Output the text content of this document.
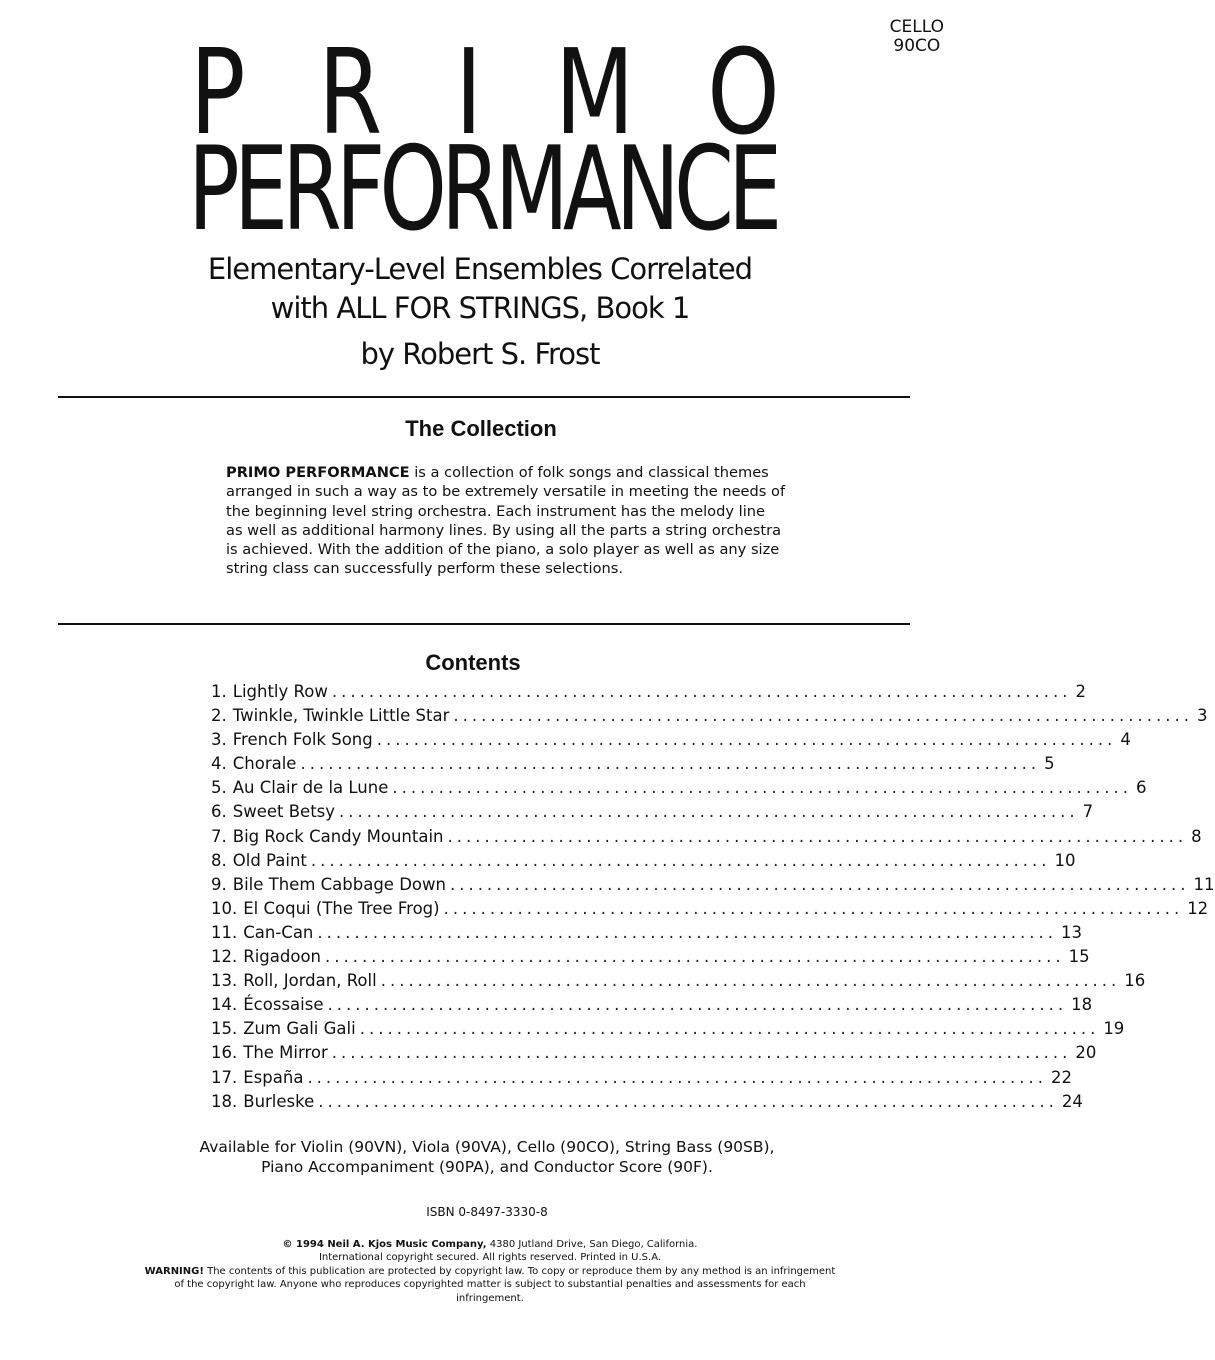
CELLO
90CO
P R I M O
PERFORMANCE
Elementary-Level Ensembles Correlated
with ALL FOR STRINGS, Book 1
by Robert S. Frost
The Collection

PRIMO PERFORMANCE is a collection of folk songs and classical themes arranged in such a way as to be extremely versatile in meeting the needs of the beginning level string orchestra. Each instrument has the melody line as well as additional harmony lines. By using all the parts a string orchestra is achieved. With the addition of the piano, a solo player as well as any size string class can successfully perform these selections.

Contents
1. Lightly Row ................................................................................ 2
2. Twinkle, Twinkle Little Star ................................................................................ 3
3. French Folk Song ................................................................................ 4
4. Chorale ................................................................................ 5
5. Au Clair de la Lune ................................................................................ 6
6. Sweet Betsy ................................................................................ 7
7. Big Rock Candy Mountain ................................................................................ 8
8. Old Paint ................................................................................ 10
9. Bile Them Cabbage Down ................................................................................ 11
10. El Coqui (The Tree Frog) ................................................................................ 12
11. Can-Can ................................................................................ 13
12. Rigadoon ................................................................................ 15
13. Roll, Jordan, Roll ................................................................................ 16
14. Écossaise ................................................................................ 18
15. Zum Gali Gali ................................................................................ 19
16. The Mirror ................................................................................ 20
17. España ................................................................................ 22
18. Burleske ................................................................................ 24
Available for Violin (90VN), Viola (90VA), Cello (90CO), String Bass (90SB),
Piano Accompaniment (90PA), and Conductor Score (90F).
ISBN 0-8497-3330-8
© 1994 Neil A. Kjos Music Company, 4380 Jutland Drive, San Diego, California.
International copyright secured. All rights reserved. Printed in U.S.A.
WARNING! The contents of this publication are protected by copyright law. To copy or reproduce them by any method is an infringement of the copyright law. Anyone who reproduces copyrighted matter is subject to substantial penalties and assessments for each infringement.
